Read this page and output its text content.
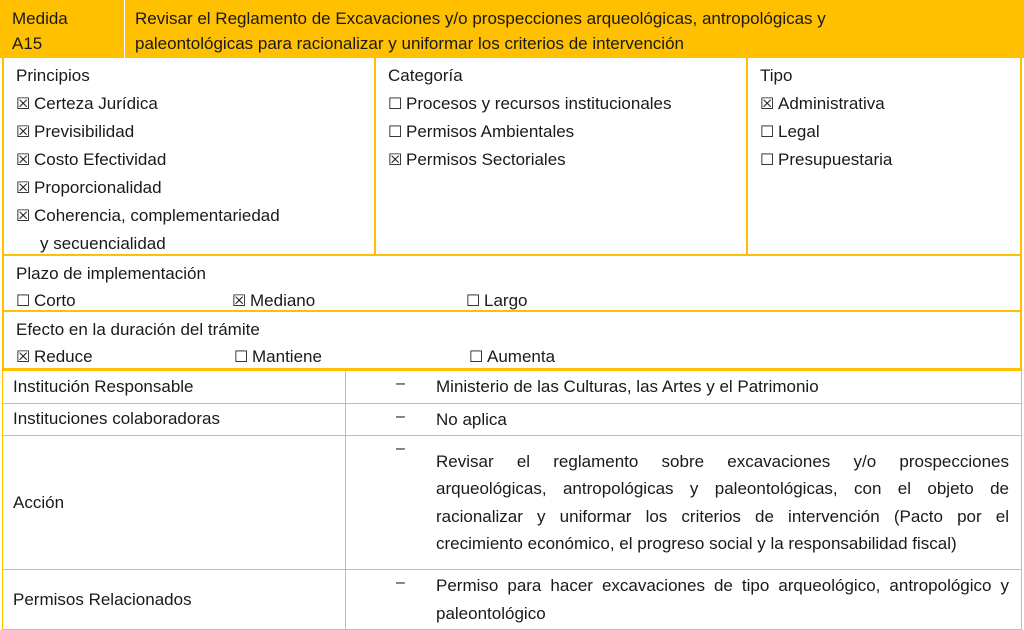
Medida
A15
Revisar el Reglamento de Excavaciones y/o prospecciones arqueológicas, antropológicas y
paleontológicas para racionalizar y uniformar los criterios de intervención
Principios
☒ Certeza Jurídica
☒ Previsibilidad
☒ Costo Efectividad
☒ Proporcionalidad
☒ Coherencia, complementariedad
y secuencialidad
Categoría
☐ Procesos y recursos institucionales
☐ Permisos Ambientales
☒ Permisos Sectoriales
Tipo
☒ Administrativa
☐ Legal
☐ Presupuestaria
Plazo de implementación
☐ Corto	☒ Mediano	☐ Largo
Efecto en la duración del trámite
☒ Reduce	☐ Mantiene	☐ Aumenta
Institución Responsable	– Ministerio de las Culturas, las Artes y el Patrimonio

Instituciones colaboradoras	– No aplica

Acción	–
Revisar el reglamento sobre excavaciones y/o prospecciones arqueológicas, antropológicas y paleontológicas, con el objeto de racionalizar y uniformar los criterios de intervención (Pacto por el crecimiento económico, el progreso social y la responsabilidad fiscal)

Permisos Relacionados	– Permiso para hacer excavaciones de tipo arqueológico, antropológico y paleontológico
